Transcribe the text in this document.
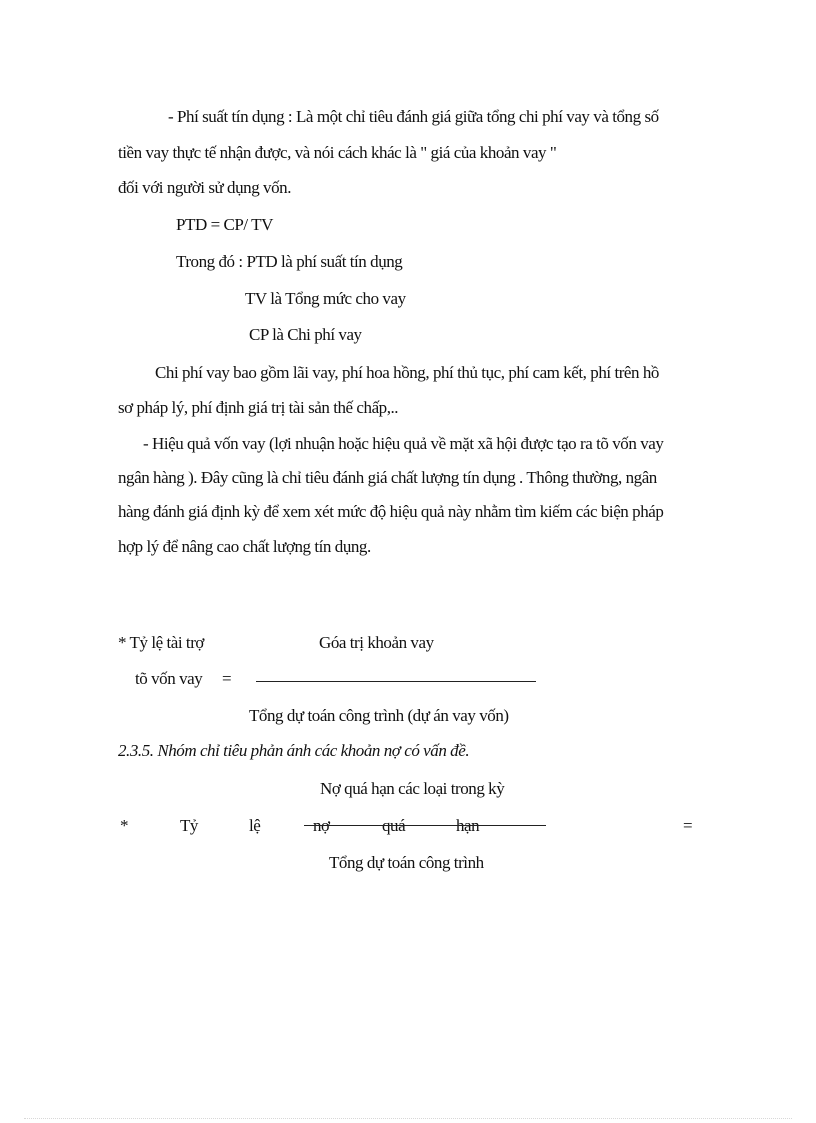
- Phí suất tín dụng : Là một chỉ tiêu đánh giá giữa tổng chi phí vay và tổng số
tiền vay thực tế nhận được, và nói cách khác là " giá của khoản vay "
đối với người sử dụng vốn.
PTD = CP/ TV
Trong đó : PTD là phí suất tín dụng
TV là Tổng mức cho vay
CP là Chi phí vay
Chi phí vay bao gồm lãi vay, phí hoa hồng, phí thủ tục, phí cam kết, phí trên hồ
sơ pháp lý, phí định giá trị tài sản thế chấp,..
- Hiệu quả vốn vay (lợi nhuận hoặc hiệu quả về mặt xã hội được tạo ra tõ vốn vay
ngân hàng ). Đây cũng là chỉ tiêu đánh giá chất lượng tín dụng . Thông thường, ngân
hàng đánh giá định kỳ để xem xét mức độ hiệu quả này nhằm tìm kiếm các biện pháp
hợp lý để nâng cao chất lượng tín dụng.
* Tỷ lệ tài trợ	Góa trị khoản vay
tõ vốn vay =
Tổng dự toán công trình (dự án vay vốn)
2.3.5. Nhóm chỉ tiêu phản ánh các khoản nợ có vấn đề.
Nợ quá hạn các loại trong kỳ
*	Tỷ	lệ	nợ	quá	hạn	=
Tổng dự toán công trình
